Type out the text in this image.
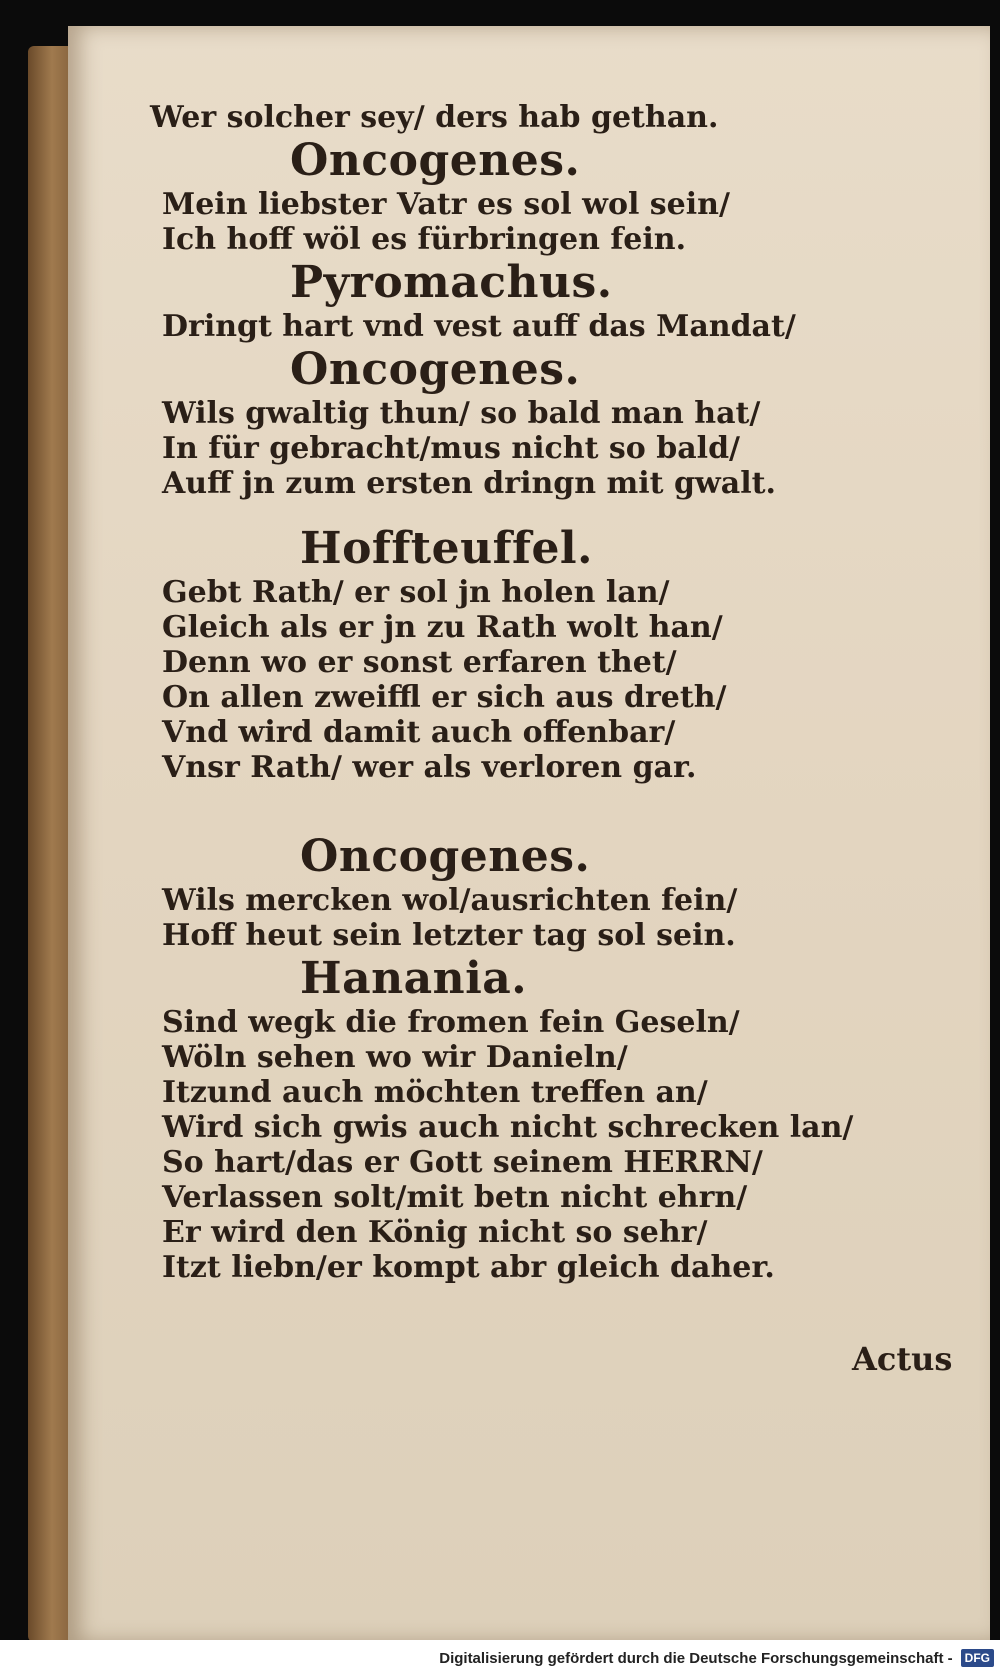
Wer solcher sey/ ders hab gethan.
Oncogenes.
Mein liebster Vatr es sol wol sein/
Ich hoff wöl es fürbringen fein.
Pyromachus.
Dringt hart vnd vest auff das Mandat/
Oncogenes.
Wils gwaltig thun/ so bald man hat/
In für gebracht/mus nicht so bald/
Auff jn zum ersten dringn mit gwalt.
Hoffteuffel.
Gebt Rath/ er sol jn holen lan/
Gleich als er jn zu Rath wolt han/
Denn wo er sonst erfaren thet/
On allen zweiffl er sich aus dreth/
Vnd wird damit auch offenbar/
Vnsr Rath/ wer als verloren gar.
Oncogenes.
Wils mercken wol/ausrichten fein/
Hoff heut sein letzter tag sol sein.
Hanania.
Sind wegk die fromen fein Geseln/
Wöln sehen wo wir Danieln/
Itzund auch möchten treffen an/
Wird sich gwis auch nicht schrecken lan/
So hart/das er Gott seinem HERRN/
Verlassen solt/mit betn nicht ehrn/
Er wird den König nicht so sehr/
Itzt liebn/er kompt abr gleich daher.
Actus
Digitalisierung gefördert durch die Deutsche Forschungsgemeinschaft -	DFG
